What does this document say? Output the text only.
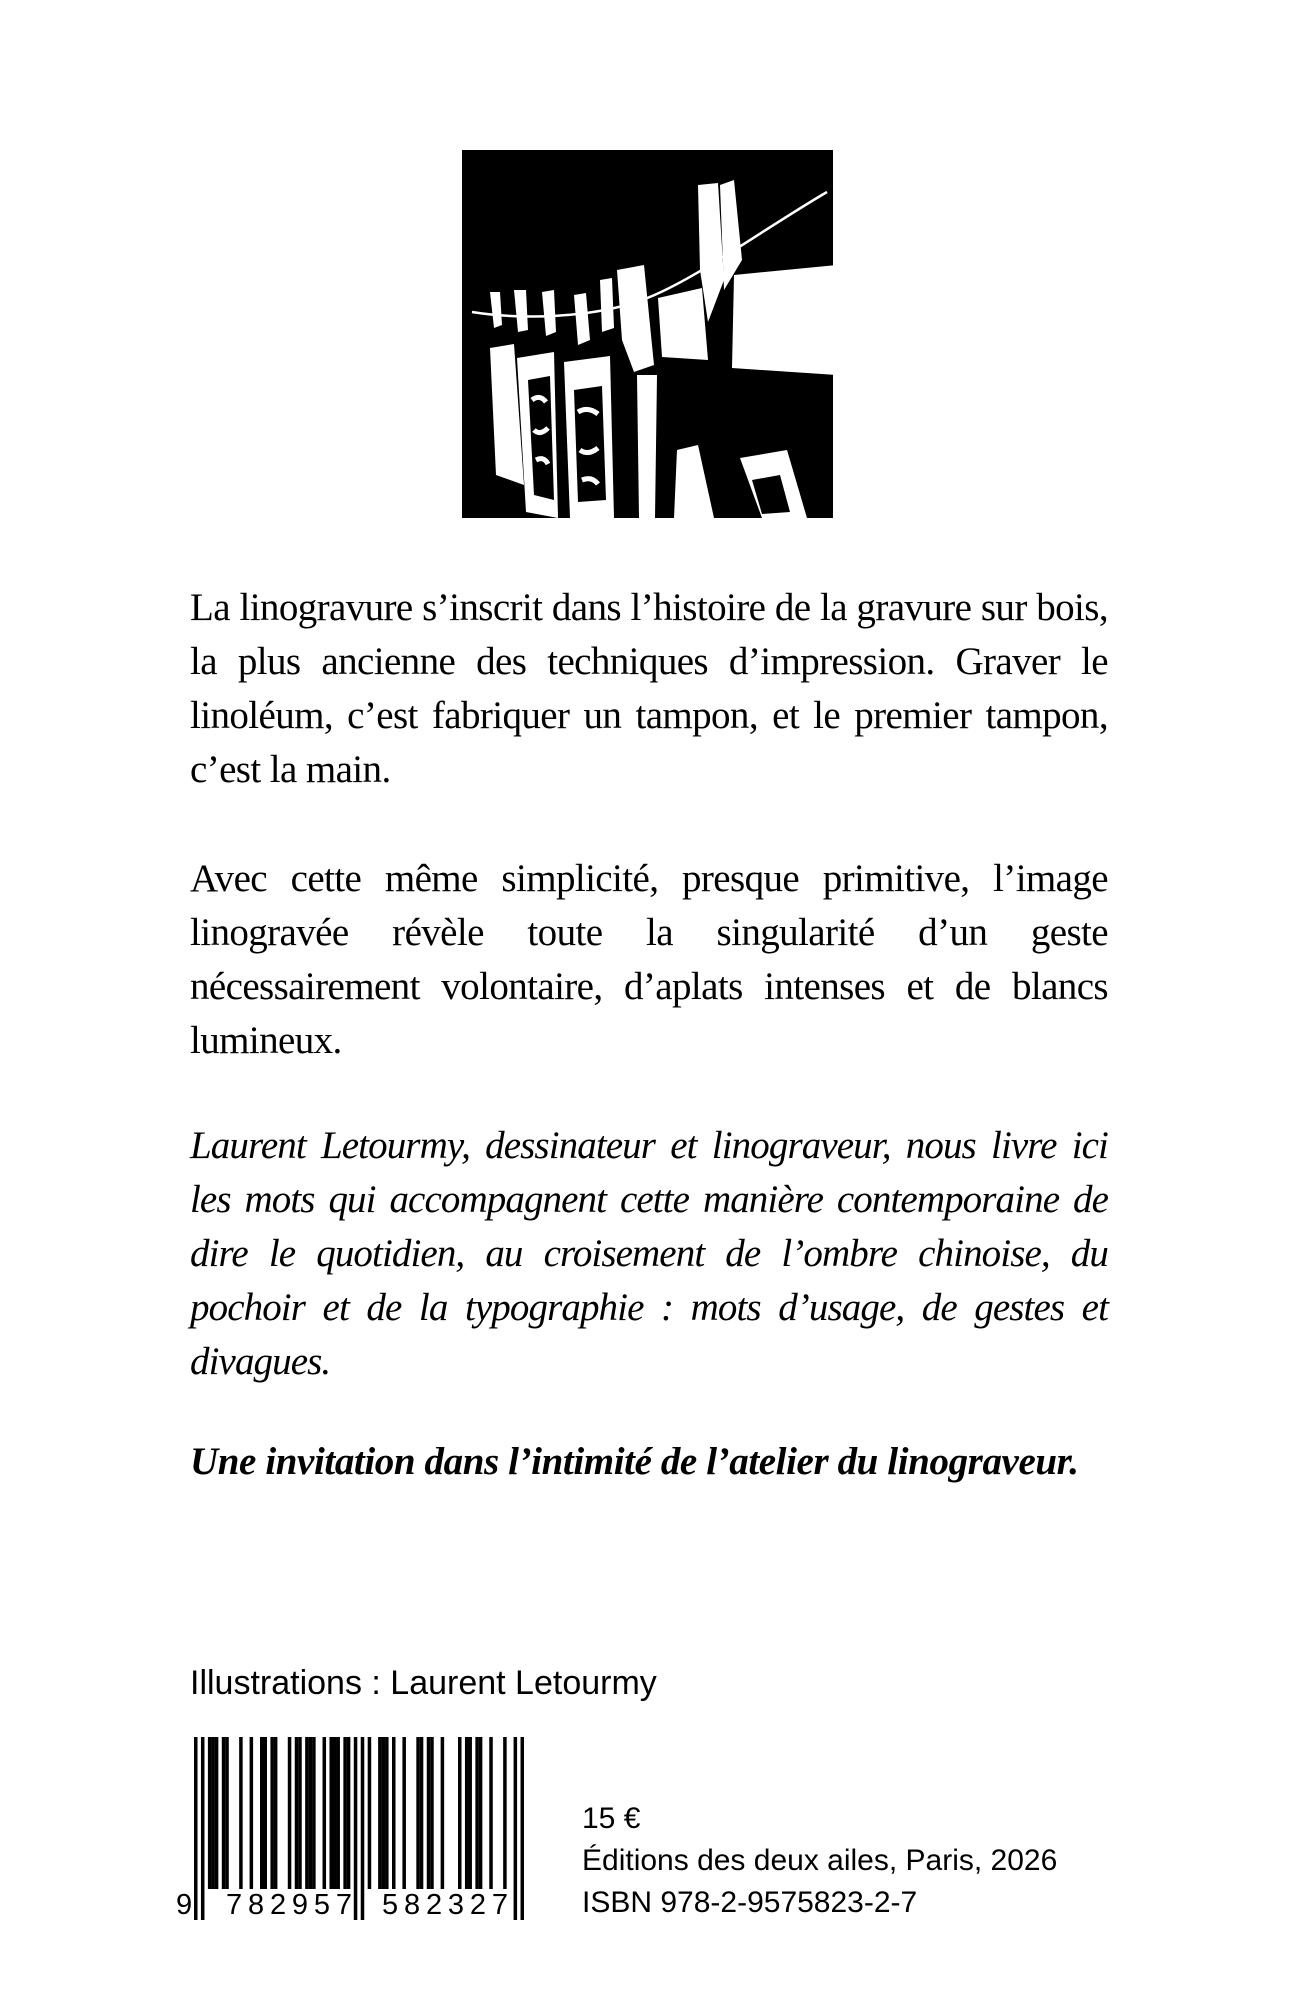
La linogravure s’inscrit dans l’histoire de la gravure sur bois, la plus ancienne des techniques d’impression. Graver le linoléum, c’est fabriquer un tampon, et le premier tampon, c’est la main.

Avec cette même simplicité, presque primitive, l’image linogravée révèle toute la singularité d’un geste nécessairement volontaire, d’aplats intenses et de blancs lumineux.

Laurent Letourmy, dessinateur et linograveur, nous livre ici les mots qui accompagnent cette manière contemporaine de dire le quotidien, au croisement de l’ombre chinoise, du pochoir et de la typographie : mots d’usage, de gestes et divagues.

Une invitation dans l’intimité de l’atelier du linograveur.

Illustrations : Laurent Letourmy

9 782957 582327
15 €
Éditions des deux ailes, Paris, 2026
ISBN 978-2-9575823-2-7
